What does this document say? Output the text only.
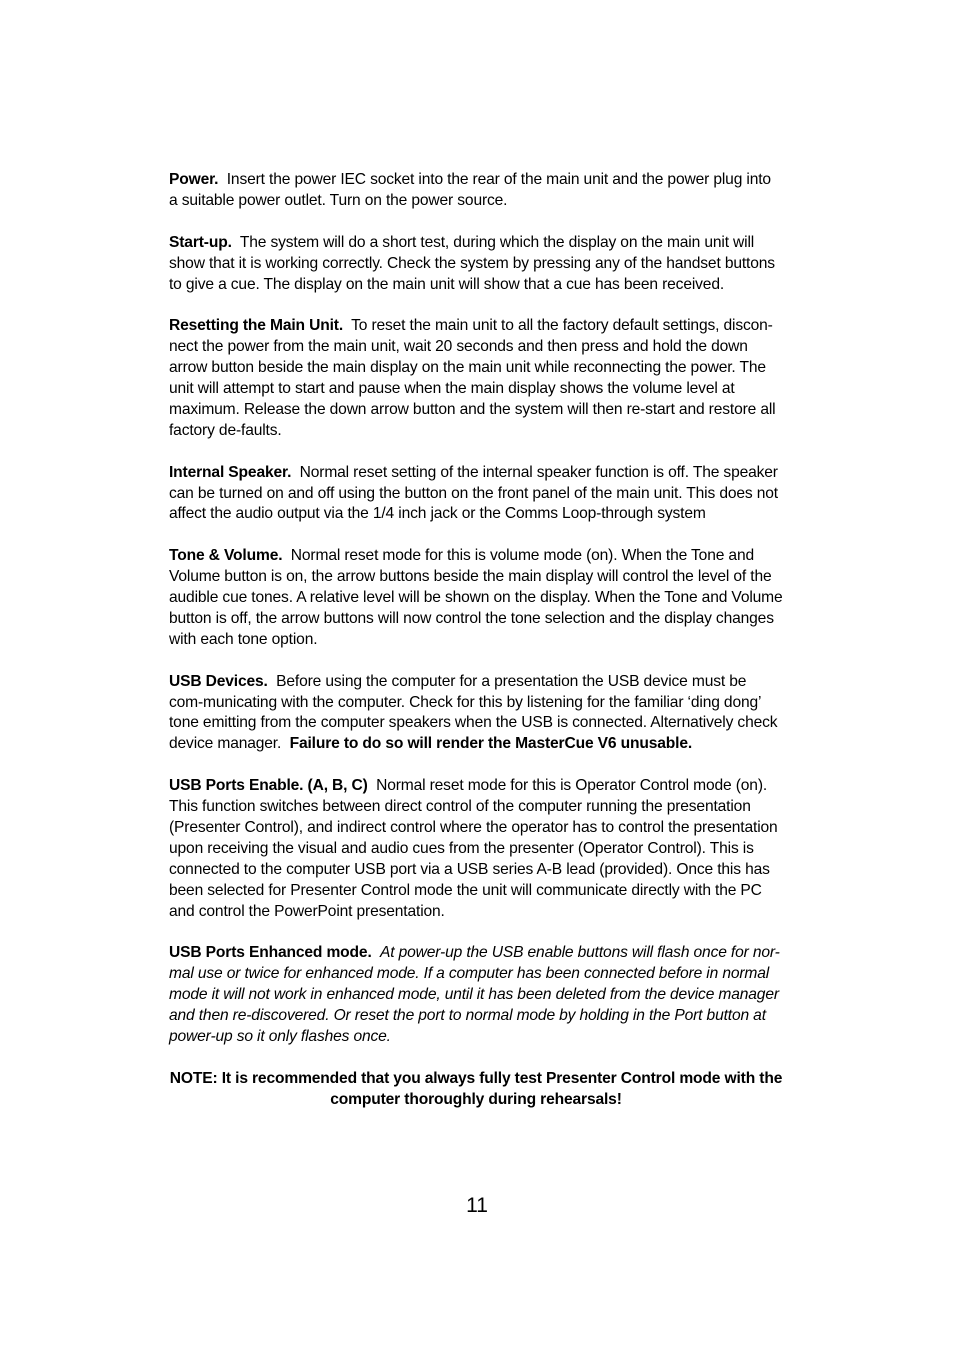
Power. Insert the power IEC socket into the rear of the main unit and the power plug into a suitable power outlet. Turn on the power source.

Start-up. The system will do a short test, during which the display on the main unit will show that it is working correctly. Check the system by pressing any of the handset buttons to give a cue. The display on the main unit will show that a cue has been received.

Resetting the Main Unit. To reset the main unit to all the factory default settings, discon-nect the power from the main unit, wait 20 seconds and then press and hold the down arrow button beside the main display on the main unit while reconnecting the power. The unit will attempt to start and pause when the main display shows the volume level at maximum. Release the down arrow button and the system will then re-start and restore all factory de-faults.

Internal Speaker. Normal reset setting of the internal speaker function is off. The speaker can be turned on and off using the button on the front panel of the main unit. This does not affect the audio output via the 1/4 inch jack or the Comms Loop-through system

Tone & Volume. Normal reset mode for this is volume mode (on). When the Tone and Volume button is on, the arrow buttons beside the main display will control the level of the audible cue tones. A relative level will be shown on the display. When the Tone and Volume button is off, the arrow buttons will now control the tone selection and the display changes with each tone option.

USB Devices. Before using the computer for a presentation the USB device must be com-municating with the computer. Check for this by listening for the familiar ‘ding dong’ tone emitting from the computer speakers when the USB is connected. Alternatively check device manager. Failure to do so will render the MasterCue V6 unusable.

USB Ports Enable. (A, B, C) Normal reset mode for this is Operator Control mode (on). This function switches between direct control of the computer running the presentation (Presenter Control), and indirect control where the operator has to control the presentation upon receiving the visual and audio cues from the presenter (Operator Control). This is connected to the computer USB port via a USB series A-B lead (provided). Once this has been selected for Presenter Control mode the unit will communicate directly with the PC and control the PowerPoint presentation.

USB Ports Enhanced mode. At power-up the USB enable buttons will flash once for nor-mal use or twice for enhanced mode. If a computer has been connected before in normal mode it will not work in enhanced mode, until it has been deleted from the device manager and then re-discovered. Or reset the port to normal mode by holding in the Port button at power-up so it only flashes once.

NOTE: It is recommended that you always fully test Presenter Control mode with the
computer thoroughly during rehearsals!

11
